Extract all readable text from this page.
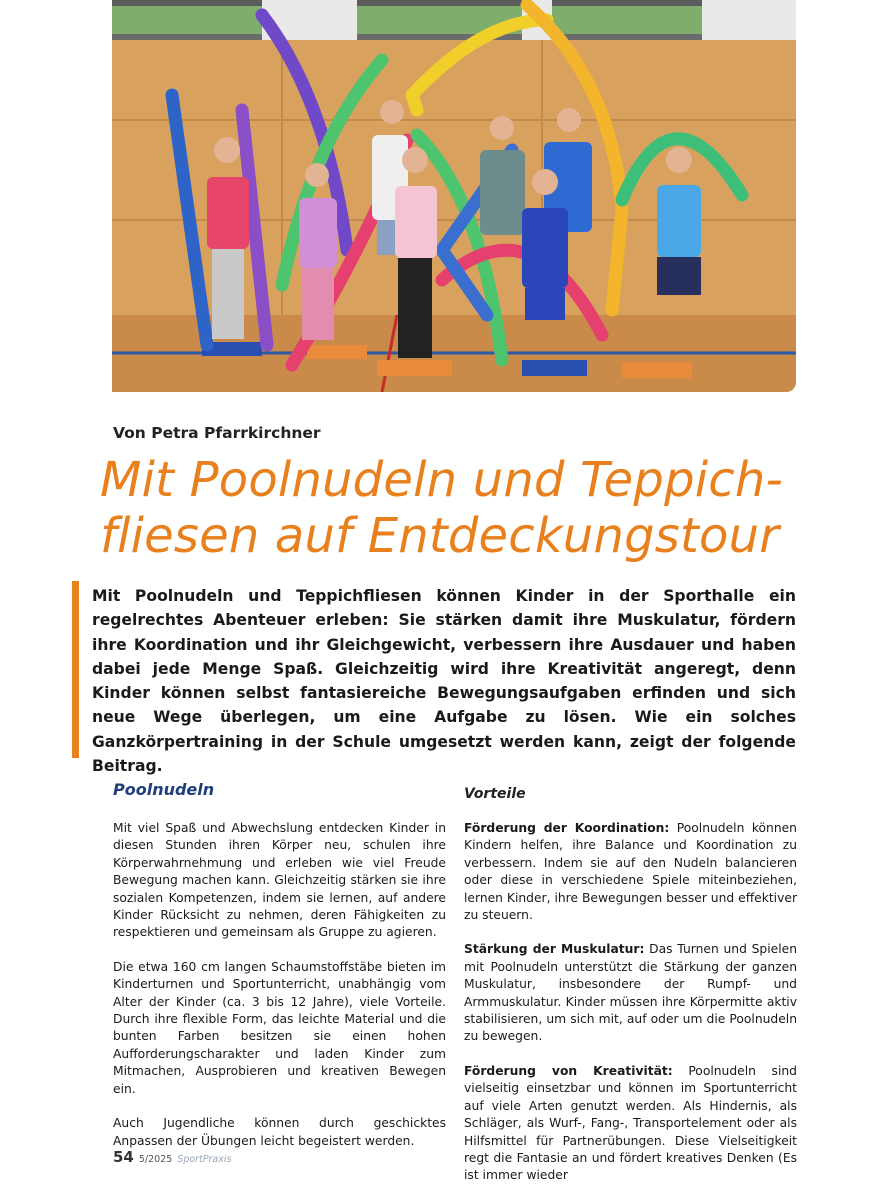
Von Petra Pfarrkirchner
Mit Poolnudeln und Teppich-
fliesen auf Entdeckungstour

Mit Poolnudeln und Teppichfliesen können Kinder in der Sporthalle ein regelrechtes Abenteuer erleben: Sie stärken damit ihre Muskulatur, fördern ihre Koordination und ihr Gleichgewicht, verbessern ihre Ausdauer und haben dabei jede Menge Spaß. Gleichzeitig wird ihre Kreativität angeregt, denn Kinder können selbst fantasiereiche Bewegungsaufgaben erfinden und sich neue Wege überlegen, um eine Aufgabe zu lösen. Wie ein solches Ganzkörpertraining in der Schule umgesetzt werden kann, zeigt der folgende Beitrag.

Poolnudeln

Mit viel Spaß und Abwechslung entdecken Kinder in diesen Stunden ihren Körper neu, schulen ihre Körperwahrnehmung und erleben wie viel Freude Bewegung machen kann. Gleichzeitig stärken sie ihre sozialen Kompetenzen, indem sie lernen, auf andere Kinder Rücksicht zu nehmen, deren Fähigkeiten zu respektieren und gemeinsam als Gruppe zu agieren.

Die etwa 160 cm langen Schaumstoffstäbe bieten im Kinderturnen und Sportunterricht, unabhängig vom Alter der Kinder (ca. 3 bis 12 Jahre), viele Vorteile. Durch ihre flexible Form, das leichte Material und die bunten Farben besitzen sie einen hohen Aufforderungscharakter und laden Kinder zum Mitmachen, Ausprobieren und kreativen Bewegen ein.

Auch Jugendliche können durch geschicktes Anpassen der Übungen leicht begeistert werden.

Vorteile

Förderung der Koordination: Poolnudeln können Kindern helfen, ihre Balance und Koordination zu verbessern. Indem sie auf den Nudeln balancieren oder diese in verschiedene Spiele miteinbeziehen, lernen Kinder, ihre Bewegungen besser und effektiver zu steuern.

Stärkung der Muskulatur: Das Turnen und Spielen mit Poolnudeln unterstützt die Stärkung der ganzen Muskulatur, insbesondere der Rumpf- und Armmuskulatur. Kinder müssen ihre Körpermitte aktiv stabilisieren, um sich mit, auf oder um die Poolnudeln zu bewegen.

Förderung von Kreativität: Poolnudeln sind vielseitig einsetzbar und können im Sportunterricht auf viele Arten genutzt werden. Als Hindernis, als Schläger, als Wurf-, Fang-, Transportelement oder als Hilfsmittel für Partnerübungen. Diese Vielseitigkeit regt die Fantasie an und fördert kreatives Denken (Es ist immer wieder

54 5/2025 SportPraxis
